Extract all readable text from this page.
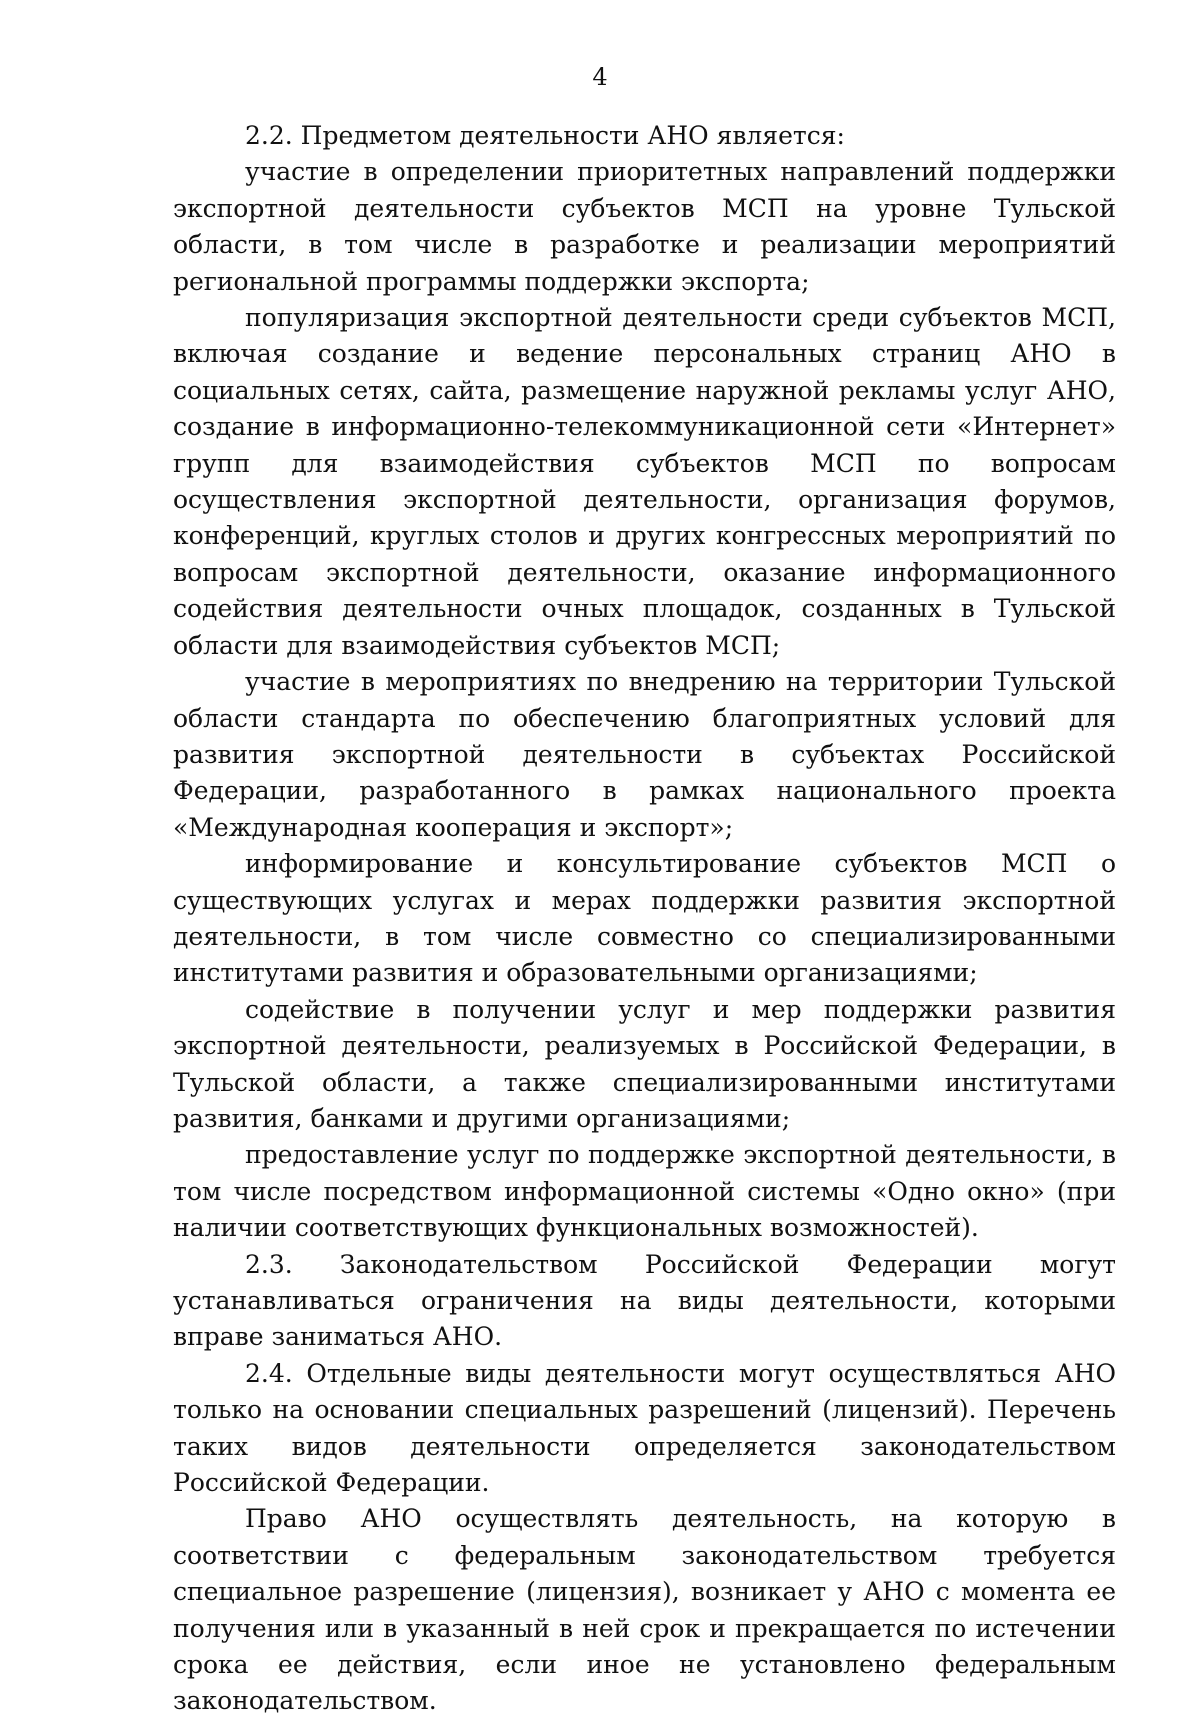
4

2.2. Предметом деятельности АНО является:

участие в определении приоритетных направлений поддержки экспортной деятельности субъектов МСП на уровне Тульской области, в том числе в разработке и реализации мероприятий региональной программы поддержки экспорта;

популяризация экспортной деятельности среди субъектов МСП, включая создание и ведение персональных страниц АНО в социальных сетях, сайта, размещение наружной рекламы услуг АНО, создание в информационно-телекоммуникационной сети «Интернет» групп для взаимодействия субъектов МСП по вопросам осуществления экспортной деятельности, организация форумов, конференций, круглых столов и других конгрессных мероприятий по вопросам экспортной деятельности, оказание информационного содействия деятельности очных площадок, созданных в Тульской области для взаимодействия субъектов МСП;

участие в мероприятиях по внедрению на территории Тульской области стандарта по обеспечению благоприятных условий для развития экспортной деятельности в субъектах Российской Федерации, разработанного в рамках национального проекта «Международная кооперация и экспорт»;

информирование и консультирование субъектов МСП о существующих услугах и мерах поддержки развития экспортной деятельности, в том числе совместно со специализированными институтами развития и образовательными организациями;

содействие в получении услуг и мер поддержки развития экспортной деятельности, реализуемых в Российской Федерации, в Тульской области, а также специализированными институтами развития, банками и другими организациями;

предоставление услуг по поддержке экспортной деятельности, в том числе посредством информационной системы «Одно окно» (при наличии соответствующих функциональных возможностей).

2.3. Законодательством Российской Федерации могут устанавливаться ограничения на виды деятельности, которыми вправе заниматься АНО.

2.4. Отдельные виды деятельности могут осуществляться АНО только на основании специальных разрешений (лицензий). Перечень таких видов деятельности определяется законодательством Российской Федерации.

Право АНО осуществлять деятельность, на которую в соответствии с федеральным законодательством требуется специальное разрешение (лицензия), возникает у АНО с момента ее получения или в указанный в ней срок и прекращается по истечении срока ее действия, если иное не установлено федеральным законодательством.
